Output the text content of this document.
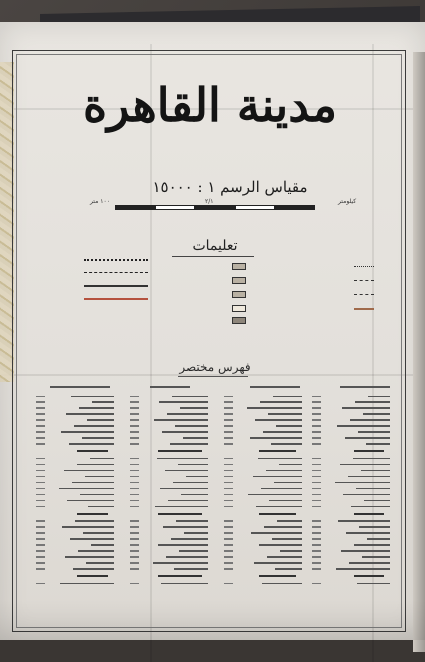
مدينة القاهرة
مقياس الرسم ١ : ١٥٠٠٠
كيلومتر
٢/١
١٠٠ متر
تعليمات
فهرس مختصر
